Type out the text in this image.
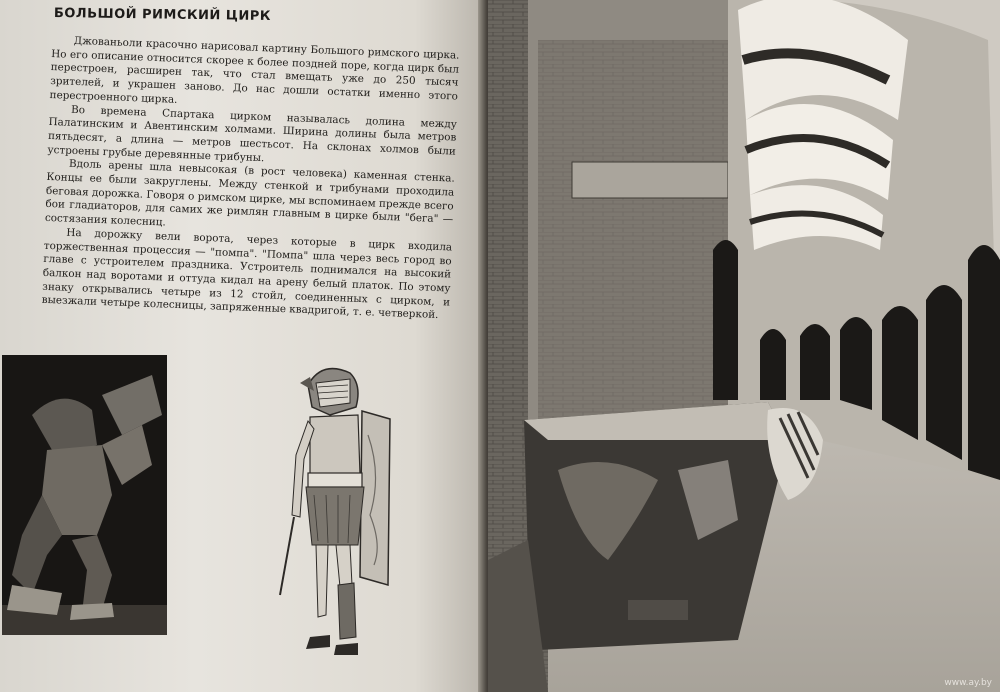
БОЛЬШОЙ РИМСКИЙ ЦИРК

Джованьоли красочно нарисовал картину Большого римского цирка. Но его описание относится скорее к более поздней поре, когда цирк был перестроен, расширен так, что стал вмещать уже до 250 тысяч зрителей, и украшен заново. До нас дошли остатки именно этого перестроенного цирка.

Во времена Спартака цирком называлась долина между Палатинским и Авентинским холмами. Ширина долины была метров пятьдесят, а длина — метров шестьсот. На склонах холмов были устроены грубые деревянные трибуны.

Вдоль арены шла невысокая (в рост человека) каменная стенка. Концы ее были закруглены. Между стенкой и трибунами проходила беговая дорожка. Говоря о римском цирке, мы вспоминаем прежде всего бои гладиаторов, для самих же римлян главным в цирке были "бега" — состязания колесниц.

На дорожку вели ворота, через которые в цирк входила торжественная процессия — "помпа". "Помпа" шла через весь город во главе с устроителем праздника. Устроитель поднимался на высокий балкон над воротами и оттуда кидал на арену белый платок. По этому знаку открывались четыре из 12 стойл, соединенных с цирком, и выезжали четыре колесницы, запряженные квадригой, т. е. четверкой.

www.ay.by
